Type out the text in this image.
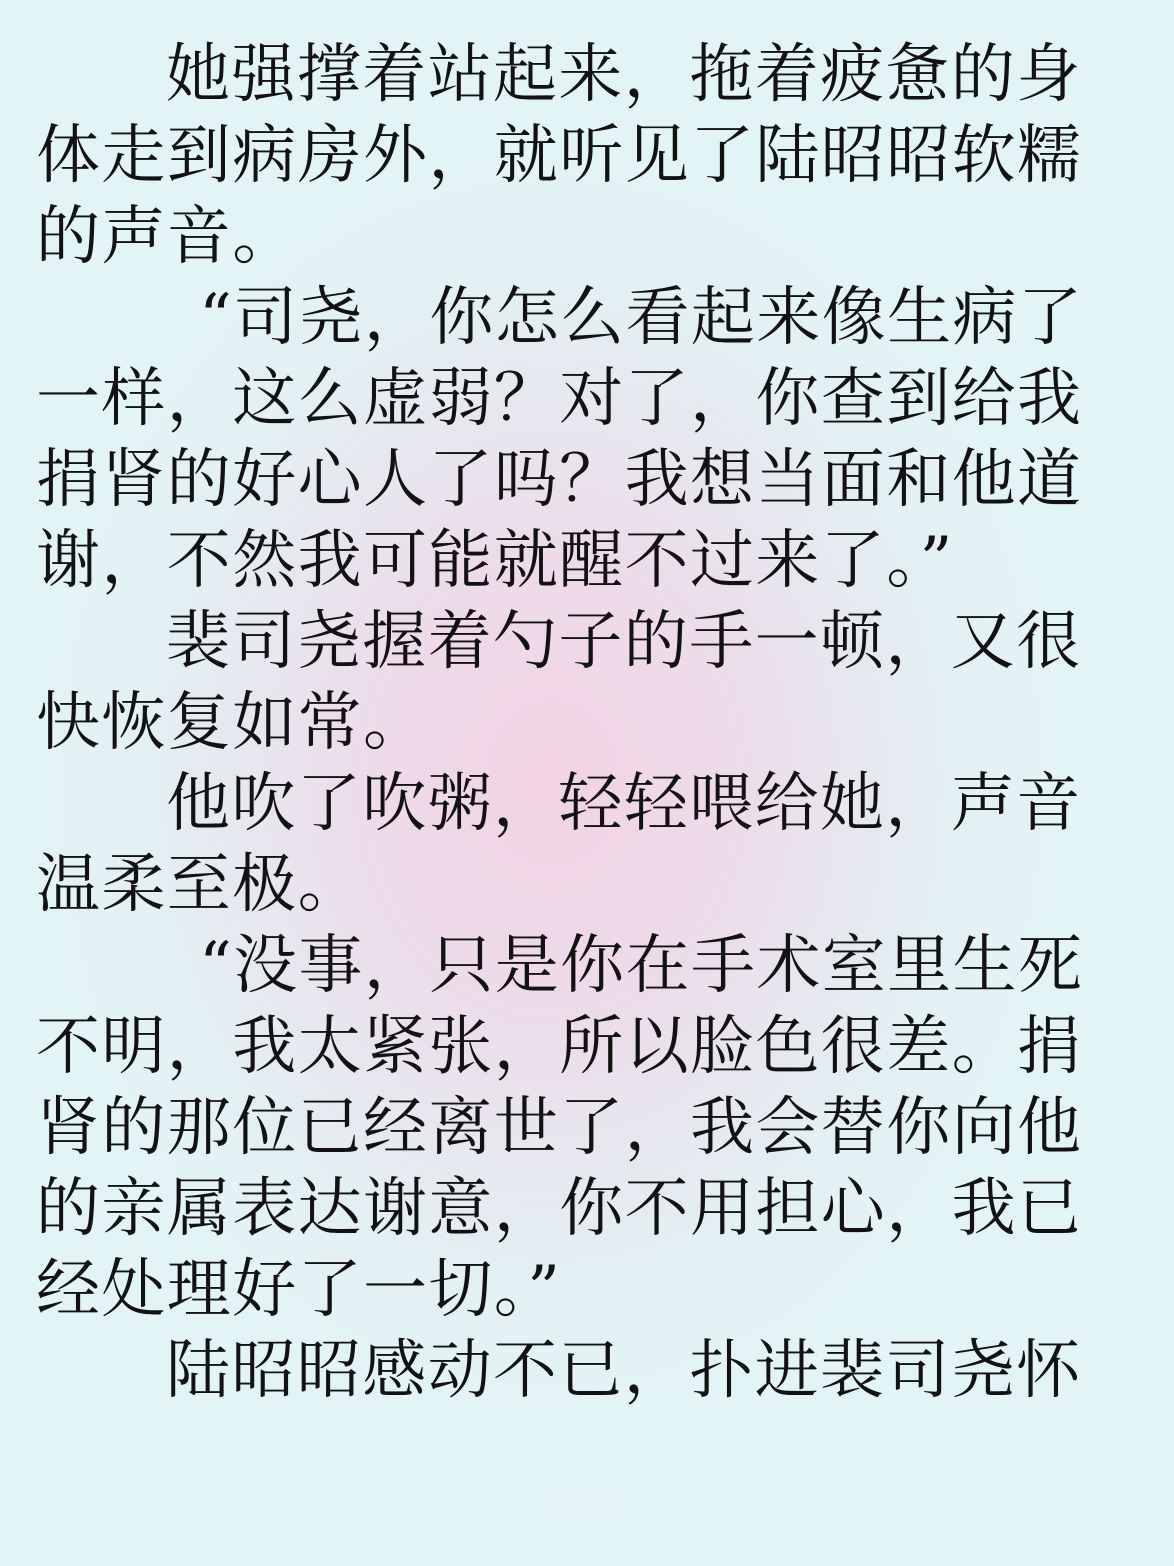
她强撑着站起来，拖着疲惫的身
体走到病房外，就听见了陆昭昭软糯
的声音。
“司尧，你怎么看起来像生病了
一样，这么虚弱？对了，你查到给我
捐肾的好心人了吗？我想当面和他道
谢，不然我可能就醒不过来了。”
裴司尧握着勺子的手一顿，又很
快恢复如常。
他吹了吹粥，轻轻喂给她，声音
温柔至极。
“没事，只是你在手术室里生死
不明，我太紧张，所以脸色很差。捐
肾的那位已经离世了，我会替你向他
的亲属表达谢意，你不用担心，我已
经处理好了一切。”
陆昭昭感动不已，扑进裴司尧怀
13/24
